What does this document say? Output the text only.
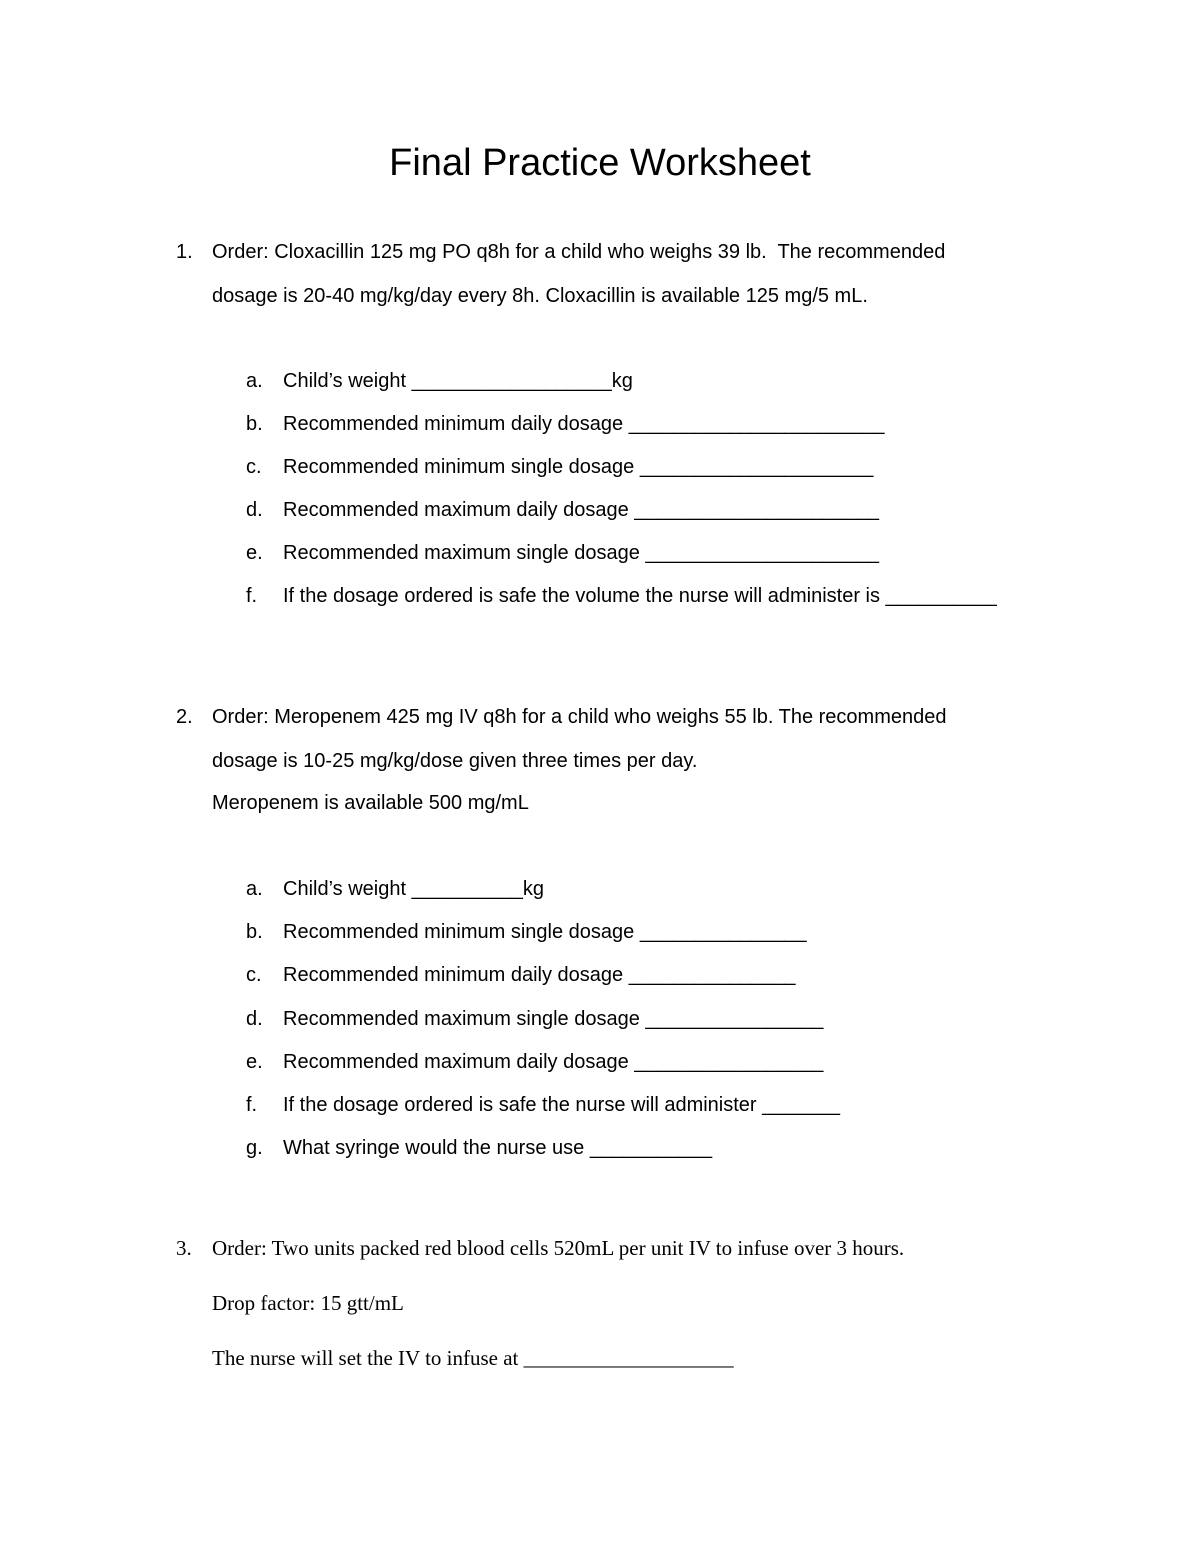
Final Practice Worksheet
1. Order: Cloxacillin 125 mg PO q8h for a child who weighs 39 lb.  The recommended
dosage is 20-40 mg/kg/day every 8h. Cloxacillin is available 125 mg/5 mL.
a. Child’s weight __________________kg
b. Recommended minimum daily dosage _______________________
c. Recommended minimum single dosage _____________________
d. Recommended maximum daily dosage ______________________
e. Recommended maximum single dosage _____________________
f. If the dosage ordered is safe the volume the nurse will administer is __________
2. Order: Meropenem 425 mg IV q8h for a child who weighs 55 lb. The recommended
dosage is 10-25 mg/kg/dose given three times per day.
Meropenem is available 500 mg/mL
a. Child’s weight __________kg
b. Recommended minimum single dosage _______________
c. Recommended minimum daily dosage _______________
d. Recommended maximum single dosage ________________
e. Recommended maximum daily dosage _________________
f. If the dosage ordered is safe the nurse will administer _______
g. What syringe would the nurse use ___________
3. Order: Two units packed red blood cells 520mL per unit IV to infuse over 3 hours.
Drop factor: 15 gtt/mL
The nurse will set the IV to infuse at ____________________
